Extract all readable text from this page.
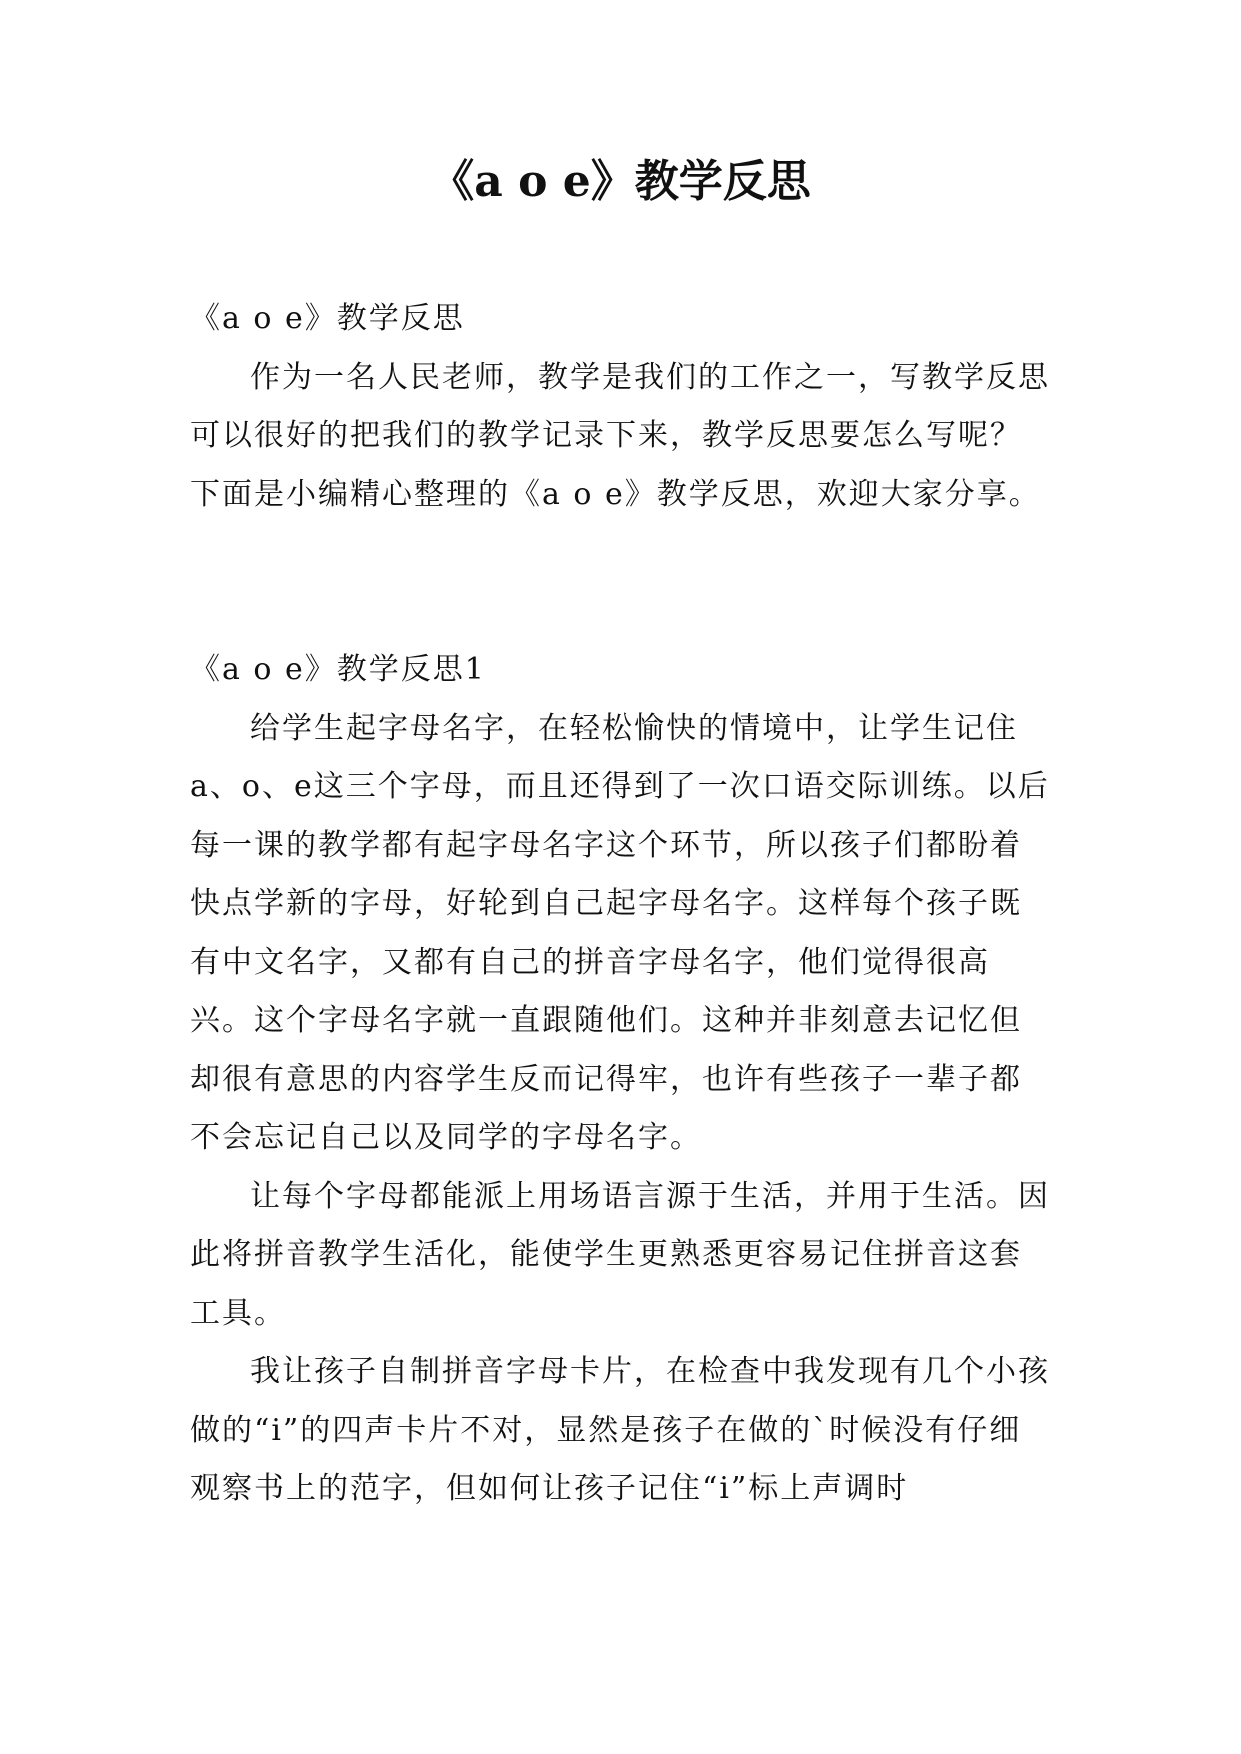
《a o e》教学反思

《a o e》教学反思

作为一名人民老师，教学是我们的工作之一，写教学反思可以很好的把我们的教学记录下来，教学反思要怎么写呢？下面是小编精心整理的《a o e》教学反思，欢迎大家分享。

《a o e》教学反思1

给学生起字母名字，在轻松愉快的情境中，让学生记住a、o、e这三个字母，而且还得到了一次口语交际训练。以后每一课的教学都有起字母名字这个环节，所以孩子们都盼着快点学新的字母，好轮到自己起字母名字。这样每个孩子既有中文名字，又都有自己的拼音字母名字，他们觉得很高兴。这个字母名字就一直跟随他们。这种并非刻意去记忆但却很有意思的内容学生反而记得牢，也许有些孩子一辈子都不会忘记自己以及同学的字母名字。

让每个字母都能派上用场语言源于生活，并用于生活。因此将拼音教学生活化，能使学生更熟悉更容易记住拼音这套工具。

我让孩子自制拼音字母卡片，在检查中我发现有几个小孩做的“i”的四声卡片不对，显然是孩子在做的`时候没有仔细观察书上的范字，但如何让孩子记住“i”标上声调时
